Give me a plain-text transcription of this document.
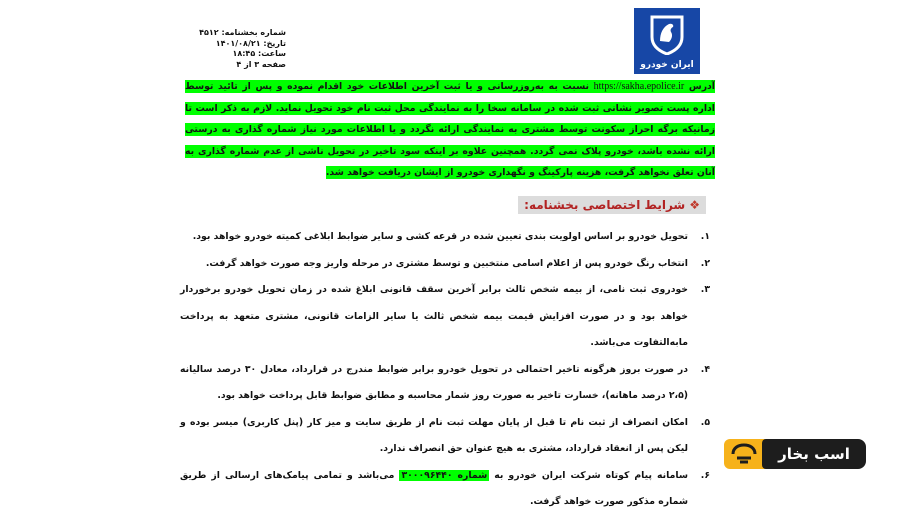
شماره بخشنامه: ۴۵۱۲
تاریخ: ۱۴۰۱/۰۸/۲۱
ساعت: ۱۸:۴۵
صفحه ۳ از ۴	ایران خودرو
آدرس https://sakha.epolice.ir نسبت به بەروزرسانی و یا ثبت آخرین اطلاعات خود اقدام نموده و پس از تائید توسط اداره پست تصویر نشانی ثبت شده در سامانه سخا را به نمایندگی محل ثبت نام خود تحویل نماید. لازم به ذکر است تا زمانیکه برگه احراز سکونت توسط مشتری به نمایندگی ارائه نگردد و یا اطلاعات مورد نیاز شماره گذاری به درستی ارائه نشده باشد، خودرو پلاک نمی گردد. همچنین علاوه بر اینکه سود تاخیر در تحویل ناشی از عدم شماره گذاری به آنان تعلق نخواهد گرفت، هزینه پارکینگ و نگهداری خودرو از ایشان دریافت خواهد شد.
❖شرایط اختصاصی بخشنامه:
۱.
تحویل خودرو بر اساس اولویت بندی تعیین شده در قرعه کشی و سایر ضوابط ابلاغی کمیته خودرو خواهد بود.
۲.
انتخاب رنگ خودرو پس از اعلام اسامی منتخبین و توسط مشتری در مرحله واریز وجه صورت خواهد گرفت.
۳.
خودروی ثبت نامی، از بیمه شخص ثالث برابر آخرین سقف قانونی ابلاغ شده در زمان تحویل خودرو برخوردار خواهد بود و در صورت افزایش قیمت بیمه شخص ثالث یا سایر الزامات قانونی، مشتری متعهد به پرداخت مابه‌التفاوت می‌باشد.
۴.
در صورت بروز هرگونه تاخیر احتمالی در تحویل خودرو برابر ضوابط مندرج در قرارداد، معادل ۳۰ درصد سالیانه (۲،۵ درصد ماهانه)، خسارت تاخیر به صورت روز شمار محاسبه و مطابق ضوابط قابل پرداخت خواهد بود.
۵.
امکان انصراف از ثبت نام تا قبل از پایان مهلت ثبت نام از طریق سایت و میز کار (پنل کاربری) میسر بوده و لیکن پس از انعقاد قرارداد، مشتری به هیچ عنوان حق انصراف ندارد.
۶.
سامانه پیام کوتاه شرکت ایران خودرو به شماره ۳۰۰۰۹۶۴۴۰ می‌باشد و تمامی پیامک‌های ارسالی از طریق شماره مذکور صورت خواهد گرفت.
اسب بخار
